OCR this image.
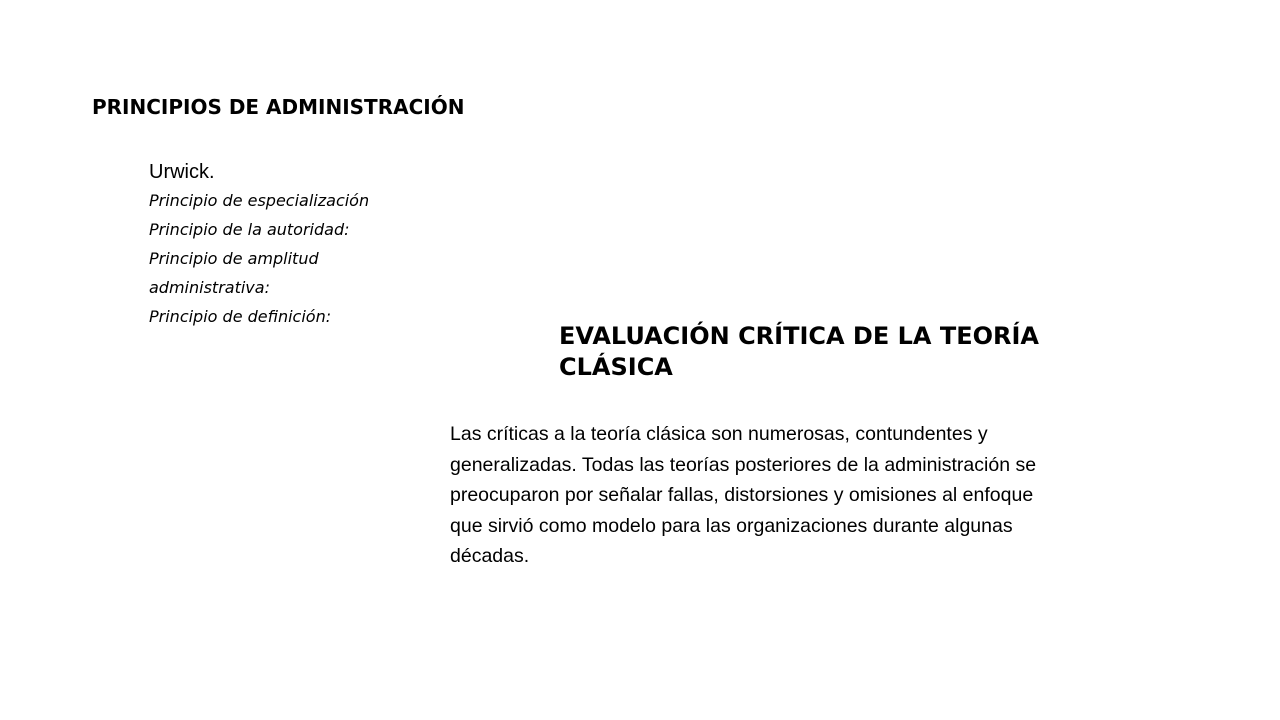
PRINCIPIOS DE ADMINISTRACIÓN
Urwick.
Principio de especialización
Principio de la autoridad:
Principio de amplitud administrativa:
Principio de definición:
EVALUACIÓN CRÍTICA DE LA TEORÍA CLÁSICA

Las críticas a la teoría clásica son numerosas, contundentes y generalizadas. Todas las teorías posteriores de la administración se preocuparon por señalar fallas, distorsiones y omisiones al enfoque que sirvió como modelo para las organizaciones durante algunas décadas.
